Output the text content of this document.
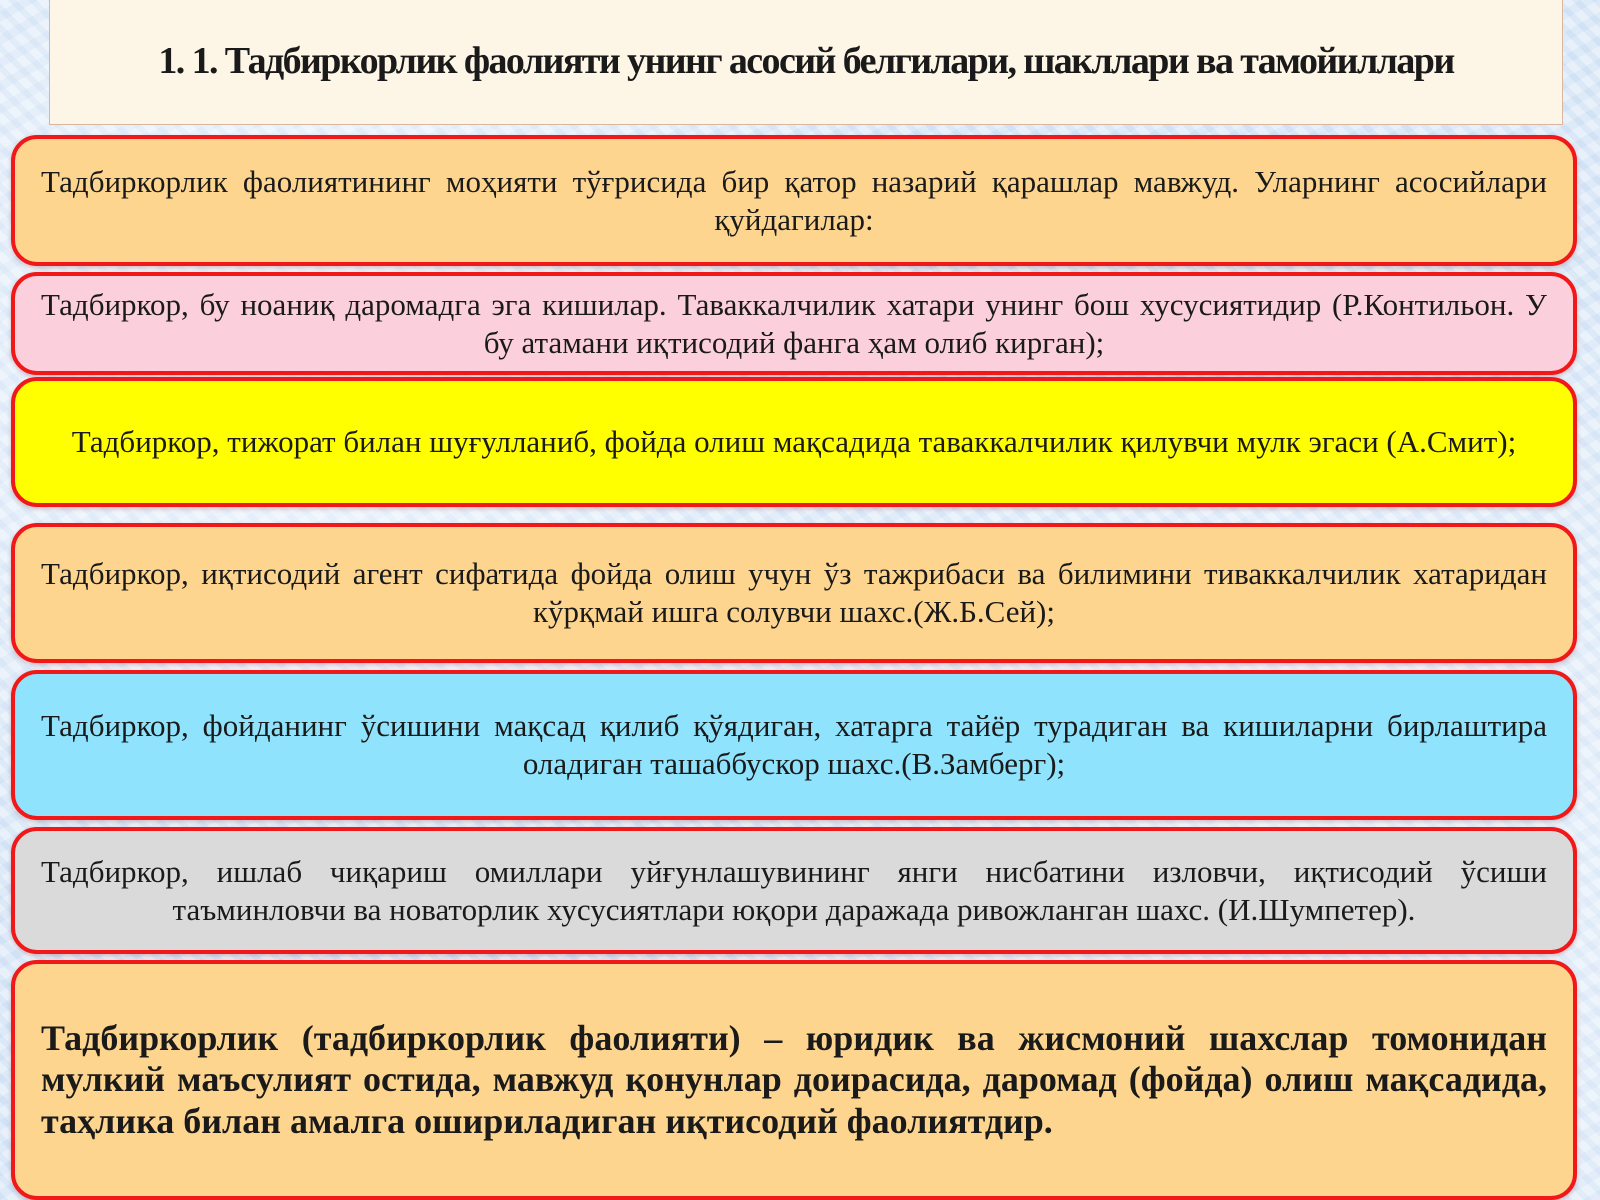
1. 1. Тадбиркорлик фаолияти унинг асосий белгилари, шакллари ва тамойиллари
Тадбиркорлик фаолиятининг моҳияти тўғрисида бир қатор назарий қарашлар мавжуд. Уларнинг асосийлари қуйдагилар:
Тадбиркор, бу ноаниқ даромадга эга кишилар. Таваккалчилик хатари унинг бош хусусиятидир (Р.Контильон. У бу атамани иқтисодий фанга ҳам олиб кирган);
Тадбиркор, тижорат билан шуғулланиб, фойда олиш мақсадида таваккалчилик қилувчи мулк эгаси (А.Смит);
Тадбиркор, иқтисодий агент сифатида фойда олиш учун ўз тажрибаси ва билимини тиваккалчилик хатаридан кўрқмай ишга солувчи шахс.(Ж.Б.Сей);
Тадбиркор, фойданинг ўсишини мақсад қилиб қўядиган, хатарга тайёр турадиган ва кишиларни бирлаштира оладиган ташаббускор шахс.(В.Замберг);
Тадбиркор, ишлаб чиқариш омиллари уйғунлашувининг янги нисбатини изловчи, иқтисодий ўсиши таъминловчи ва новаторлик хусусиятлари юқори даражада ривожланган шахс. (И.Шумпетер).
Тадбиркорлик (тадбиркорлик фаолияти) – юридик ва жисмоний шахслар томонидан мулкий маъсулият остида, мавжуд қонунлар доирасида, даромад (фойда) олиш мақсадида, таҳлика билан амалга ошириладиган иқтисодий фаолиятдир.
